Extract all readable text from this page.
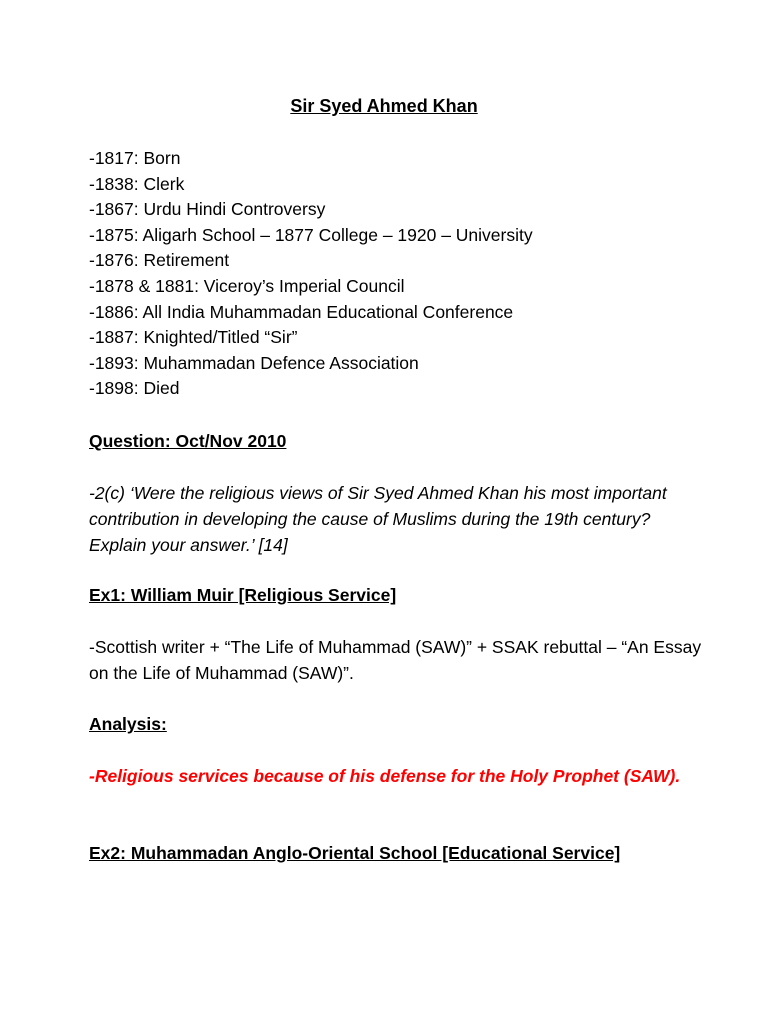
Sir Syed Ahmed Khan
-1817: Born
-1838: Clerk
-1867: Urdu Hindi Controversy
-1875: Aligarh School – 1877 College – 1920 – University
-1876: Retirement
-1878 & 1881: Viceroy’s Imperial Council
-1886: All India Muhammadan Educational Conference
-1887: Knighted/Titled “Sir”
-1893: Muhammadan Defence Association
-1898: Died
Question: Oct/Nov 2010
-2(c) ‘Were the religious views of Sir Syed Ahmed Khan his most important contribution in developing the cause of Muslims during the 19th century? Explain your answer.’ [14]
Ex1: William Muir [Religious Service]
-Scottish writer + “The Life of Muhammad (SAW)” + SSAK rebuttal – “An Essay on the Life of Muhammad (SAW)”.
Analysis:
-Religious services because of his defense for the Holy Prophet (SAW).
Ex2: Muhammadan Anglo-Oriental School [Educational Service]
